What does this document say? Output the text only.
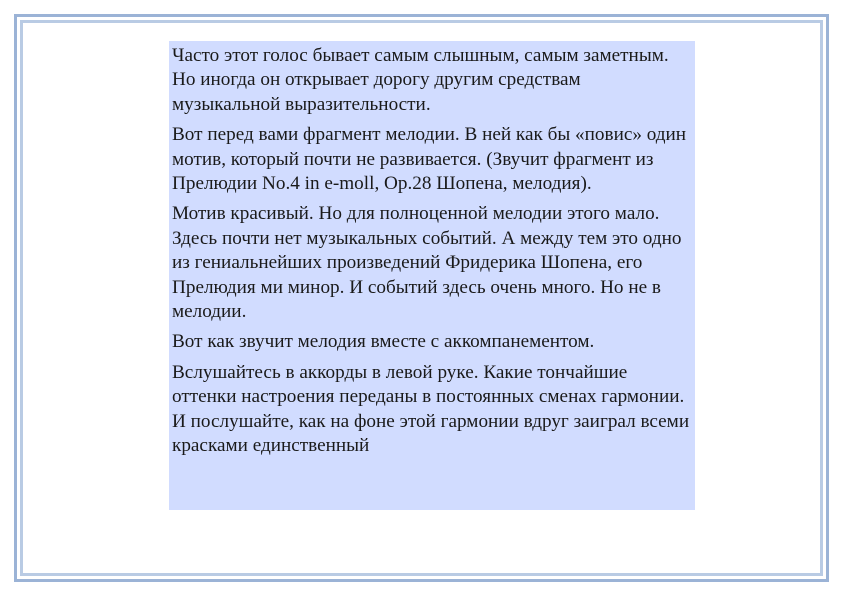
Часто этот голос бывает самым слышным, самым заметным. Но иногда он открывает дорогу другим средствам музыкальной выразительности.

Вот перед вами фрагмент мелодии. В ней как бы «повис» один мотив, который почти не развивается. (Звучит фрагмент из Прелюдии No.4 in e-moll, Op.28 Шопена, мелодия).

Мотив красивый. Но для полноценной мелодии этого мало. Здесь почти нет музыкальных событий. А между тем это одно из гениальнейших произведений Фридерика Шопена, его Прелюдия ми минор. И событий здесь очень много. Но не в мелодии.

Вот как звучит мелодия вместе с аккомпанементом.

Вслушайтесь в аккорды в левой руке. Какие тончайшие оттенки настроения переданы в постоянных сменах гармонии. И послушайте, как на фоне этой гармонии вдруг заиграл всеми красками единственный
